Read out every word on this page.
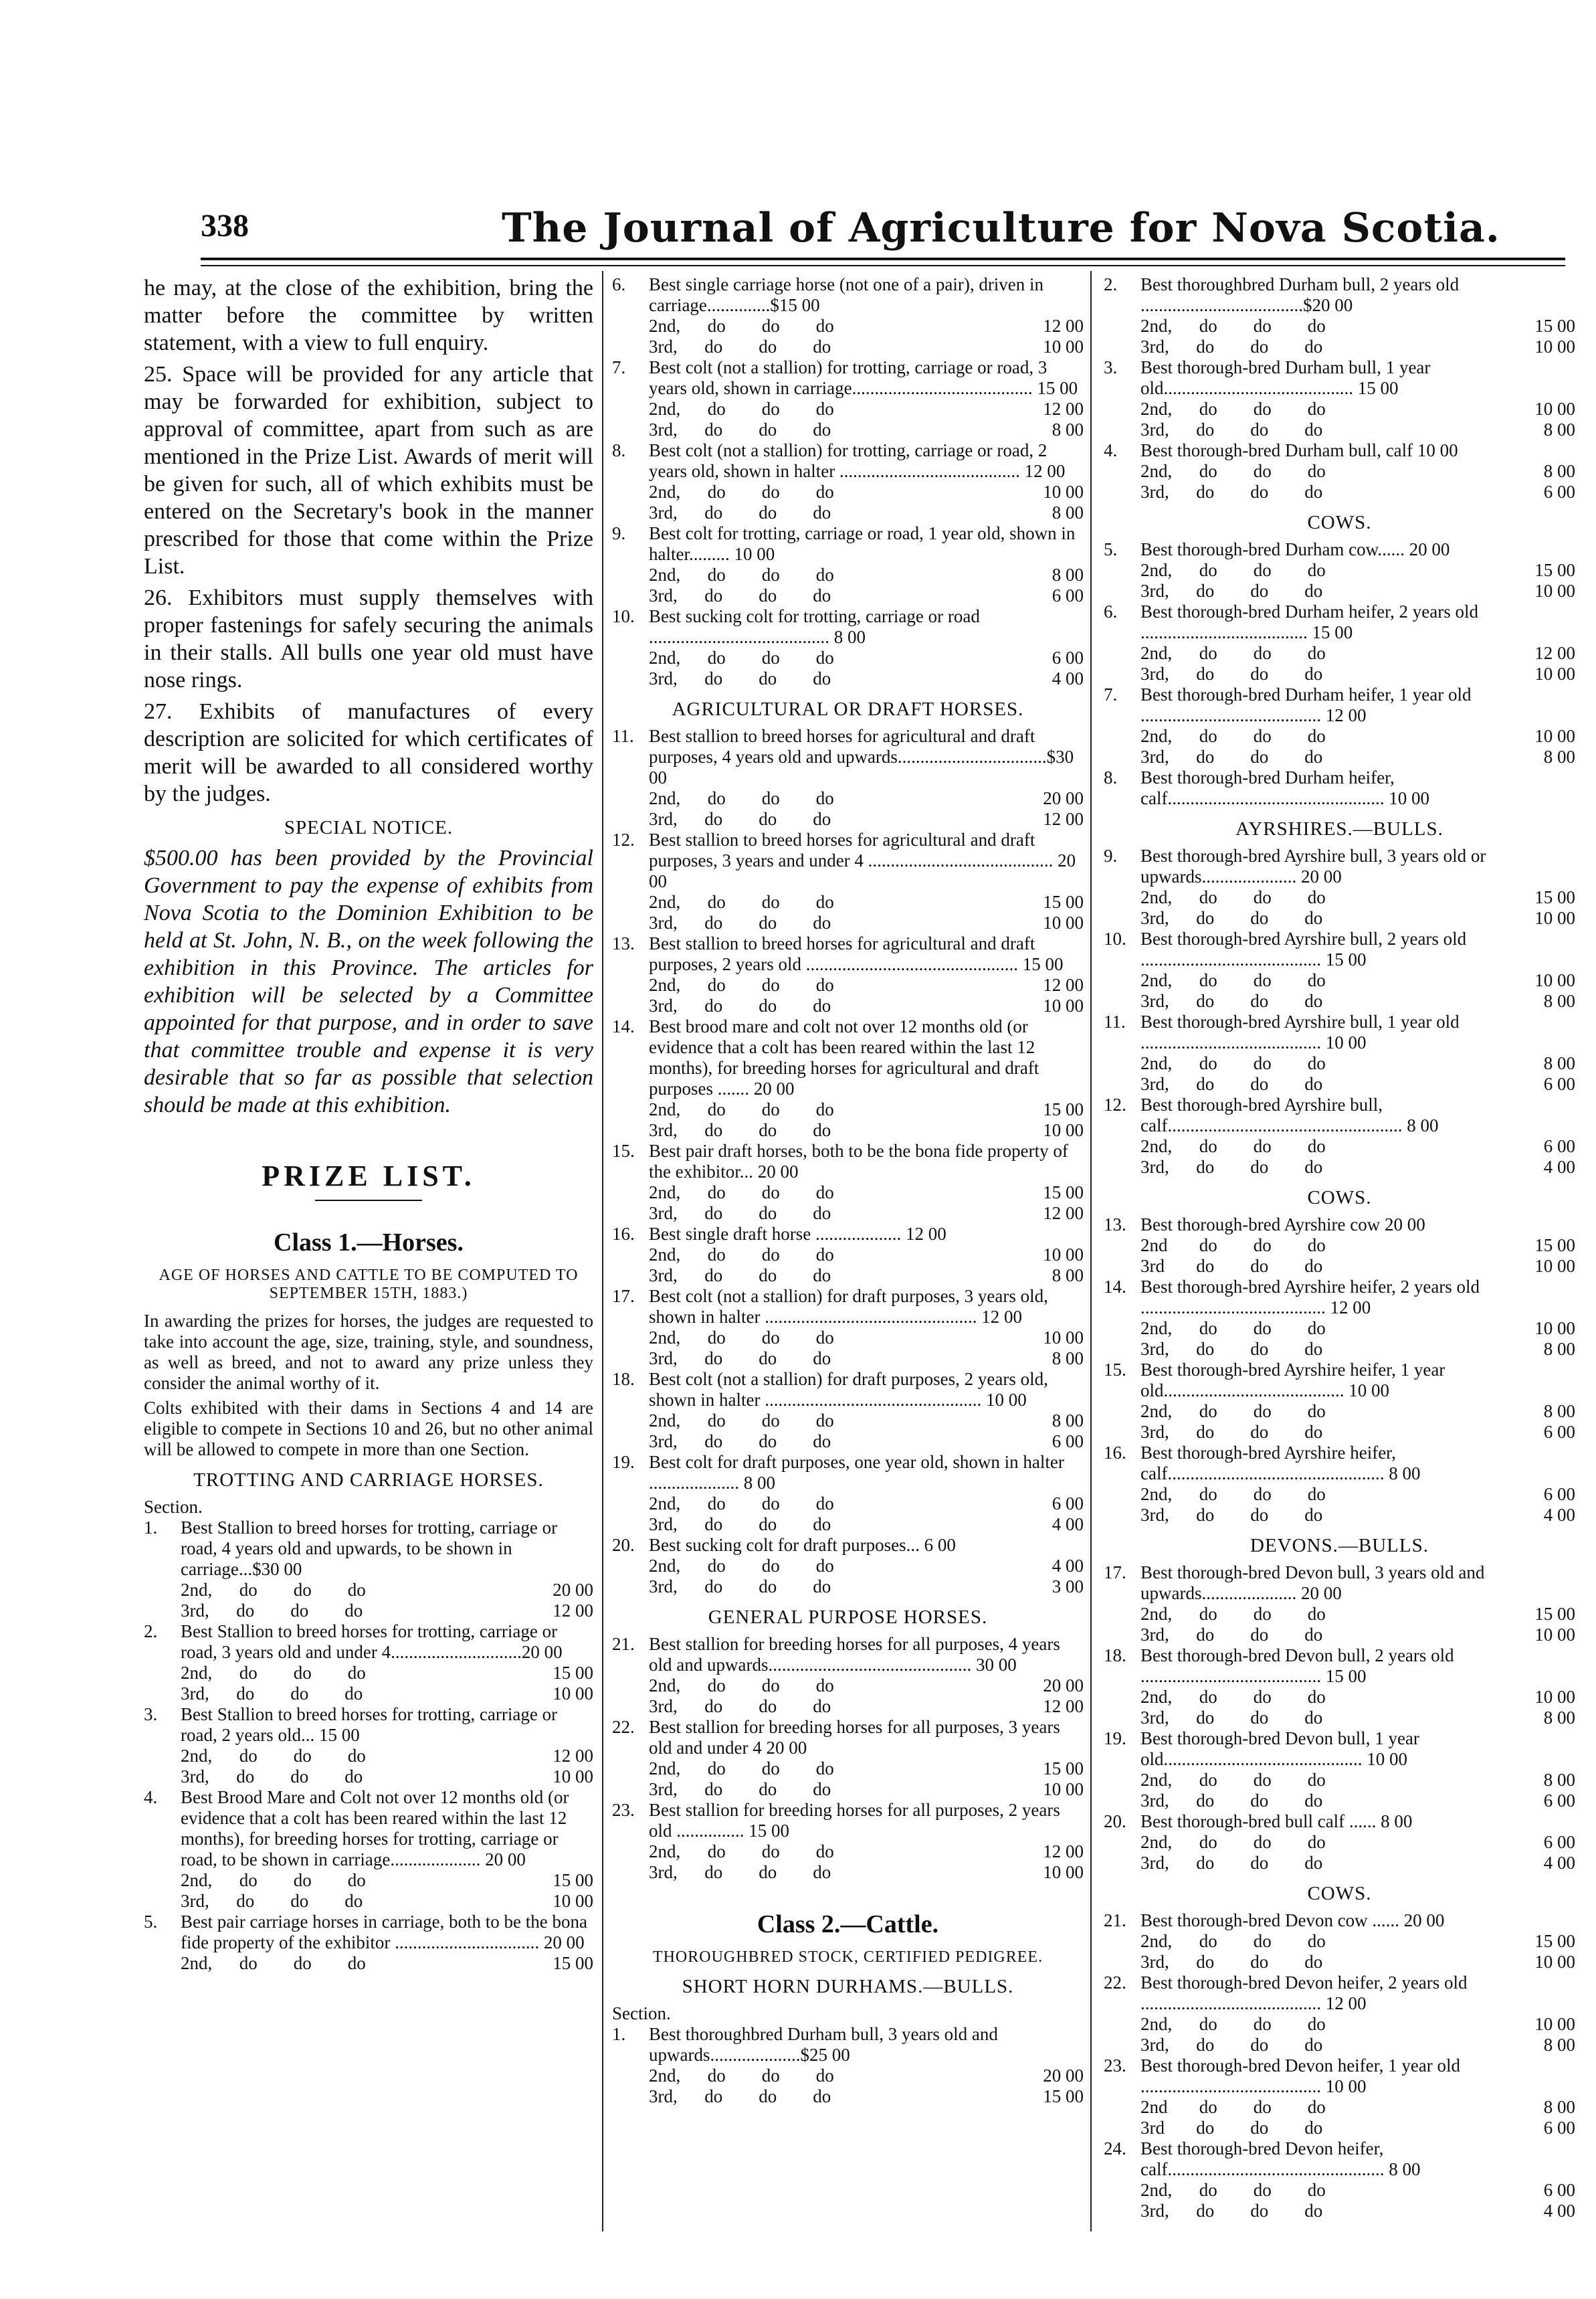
338	The Journal of Agriculture for Nova Scotia.

he may, at the close of the exhibition, bring the matter before the committee by written statement, with a view to full enquiry.

25. Space will be provided for any article that may be forwarded for exhibition, subject to approval of committee, apart from such as are mentioned in the Prize List. Awards of merit will be given for such, all of which exhibits must be entered on the Secretary's book in the manner prescribed for those that come within the Prize List.

26. Exhibitors must supply themselves with proper fastenings for safely securing the animals in their stalls. All bulls one year old must have nose rings.

27. Exhibits of manufactures of every description are solicited for which certificates of merit will be awarded to all considered worthy by the judges.

SPECIAL NOTICE.

$500.00 has been provided by the Provincial Government to pay the expense of exhibits from Nova Scotia to the Dominion Exhibition to be held at St. John, N. B., on the week following the exhibition in this Province. The articles for exhibition will be selected by a Committee appointed for that purpose, and in order to save that committee trouble and expense it is very desirable that so far as possible that selection should be made at this exhibition.

PRIZE LIST.
Class 1.—Horses.
AGE OF HORSES AND CATTLE TO BE COMPUTED TO SEPTEMBER 15TH, 1883.)

In awarding the prizes for horses, the judges are requested to take into account the age, size, training, style, and soundness, as well as breed, and not to award any prize unless they consider the animal worthy of it.

Colts exhibited with their dams in Sections 4 and 14 are eligible to compete in Sections 10 and 26, but no other animal will be allowed to compete in more than one Section.

TROTTING AND CARRIAGE HORSES.
Section.
1. Best Stallion to breed horses for trotting, carriage or road, 4 years old and upwards, to be shown in carriage...$30 00
2nd,      do        do        do	20 00
3rd,      do        do        do	12 00
2. Best Stallion to breed horses for trotting, carriage or road, 3 years old and under 4.............................20 00
2nd,      do        do        do	15 00
3rd,      do        do        do	10 00
3. Best Stallion to breed horses for trotting, carriage or road, 2 years old... 15 00
2nd,      do        do        do	12 00
3rd,      do        do        do	10 00
4. Best Brood Mare and Colt not over 12 months old (or evidence that a colt has been reared within the last 12 months), for breeding horses for trotting, carriage or road, to be shown in carriage.................... 20 00
2nd,      do        do        do	15 00
3rd,      do        do        do	10 00
5. Best pair carriage horses in carriage, both to be the bona fide property of the exhibitor ................................ 20 00
2nd,      do        do        do	15 00
6. Best single carriage horse (not one of a pair), driven in carriage..............$15 00
2nd,      do        do        do	12 00
3rd,      do        do        do	10 00
7. Best colt (not a stallion) for trotting, carriage or road, 3 years old, shown in carriage........................................ 15 00
2nd,      do        do        do	12 00
3rd,      do        do        do	8 00
8. Best colt (not a stallion) for trotting, carriage or road, 2 years old, shown in halter ........................................ 12 00
2nd,      do        do        do	10 00
3rd,      do        do        do	8 00
9. Best colt for trotting, carriage or road, 1 year old, shown in halter......... 10 00
2nd,      do        do        do	8 00
3rd,      do        do        do	6 00
10. Best sucking colt for trotting, carriage or road ........................................ 8 00
2nd,      do        do        do	6 00
3rd,      do        do        do	4 00
AGRICULTURAL OR DRAFT HORSES.
11. Best stallion to breed horses for agricultural and draft purposes, 4 years old and upwards.................................$30 00
2nd,      do        do        do	20 00
3rd,      do        do        do	12 00
12. Best stallion to breed horses for agricultural and draft purposes, 3 years and under 4 ......................................... 20 00
2nd,      do        do        do	15 00
3rd,      do        do        do	10 00
13. Best stallion to breed horses for agricultural and draft purposes, 2 years old ............................................... 15 00
2nd,      do        do        do	12 00
3rd,      do        do        do	10 00
14. Best brood mare and colt not over 12 months old (or evidence that a colt has been reared within the last 12 months), for breeding horses for agricultural and draft purposes ....... 20 00
2nd,      do        do        do	15 00
3rd,      do        do        do	10 00
15. Best pair draft horses, both to be the bona fide property of the exhibitor... 20 00
2nd,      do        do        do	15 00
3rd,      do        do        do	12 00
16. Best single draft horse ................... 12 00
2nd,      do        do        do	10 00
3rd,      do        do        do	8 00
17. Best colt (not a stallion) for draft purposes, 3 years old, shown in halter ............................................... 12 00
2nd,      do        do        do	10 00
3rd,      do        do        do	8 00
18. Best colt (not a stallion) for draft purposes, 2 years old, shown in halter ................................................ 10 00
2nd,      do        do        do	8 00
3rd,      do        do        do	6 00
19. Best colt for draft purposes, one year old, shown in halter .................... 8 00
2nd,      do        do        do	6 00
3rd,      do        do        do	4 00
20. Best sucking colt for draft purposes... 6 00
2nd,      do        do        do	4 00
3rd,      do        do        do	3 00
GENERAL PURPOSE HORSES.
21. Best stallion for breeding horses for all purposes, 4 years old and upwards............................................. 30 00
2nd,      do        do        do	20 00
3rd,      do        do        do	12 00
22. Best stallion for breeding horses for all purposes, 3 years old and under 4 20 00
2nd,      do        do        do	15 00
3rd,      do        do        do	10 00
23. Best stallion for breeding horses for all purposes, 2 years old ............... 15 00
2nd,      do        do        do	12 00
3rd,      do        do        do	10 00
Class 2.—Cattle.
THOROUGHBRED STOCK, CERTIFIED PEDIGREE.
SHORT HORN DURHAMS.—BULLS.
Section.
1. Best thoroughbred Durham bull, 3 years old and upwards....................$25 00
2nd,      do        do        do	20 00
3rd,      do        do        do	15 00
2. Best thoroughbred Durham bull, 2 years old ....................................$20 00
2nd,      do        do        do	15 00
3rd,      do        do        do	10 00
3. Best thorough-bred Durham bull, 1 year old.......................................... 15 00
2nd,      do        do        do	10 00
3rd,      do        do        do	8 00
4. Best thorough-bred Durham bull, calf 10 00
2nd,      do        do        do	8 00
3rd,      do        do        do	6 00
COWS.
5. Best thorough-bred Durham cow...... 20 00
2nd,      do        do        do	15 00
3rd,      do        do        do	10 00
6. Best thorough-bred Durham heifer, 2 years old ..................................... 15 00
2nd,      do        do        do	12 00
3rd,      do        do        do	10 00
7. Best thorough-bred Durham heifer, 1 year old ........................................ 12 00
2nd,      do        do        do	10 00
3rd,      do        do        do	8 00
8. Best thorough-bred Durham heifer, calf................................................ 10 00
AYRSHIRES.—BULLS.
9. Best thorough-bred Ayrshire bull, 3 years old or upwards..................... 20 00
2nd,      do        do        do	15 00
3rd,      do        do        do	10 00
10. Best thorough-bred Ayrshire bull, 2 years old ........................................ 15 00
2nd,      do        do        do	10 00
3rd,      do        do        do	8 00
11. Best thorough-bred Ayrshire bull, 1 year old ........................................ 10 00
2nd,      do        do        do	8 00
3rd,      do        do        do	6 00
12. Best thorough-bred Ayrshire bull, calf.................................................... 8 00
2nd,      do        do        do	6 00
3rd,      do        do        do	4 00
COWS.
13. Best thorough-bred Ayrshire cow 20 00
2nd       do        do        do	15 00
3rd       do        do        do	10 00
14. Best thorough-bred Ayrshire heifer, 2 years old ......................................... 12 00
2nd,      do        do        do	10 00
3rd,      do        do        do	8 00
15. Best thorough-bred Ayrshire heifer, 1 year old........................................ 10 00
2nd,      do        do        do	8 00
3rd,      do        do        do	6 00
16. Best thorough-bred Ayrshire heifer, calf................................................ 8 00
2nd,      do        do        do	6 00
3rd,      do        do        do	4 00
DEVONS.—BULLS.
17. Best thorough-bred Devon bull, 3 years old and upwards..................... 20 00
2nd,      do        do        do	15 00
3rd,      do        do        do	10 00
18. Best thorough-bred Devon bull, 2 years old ........................................ 15 00
2nd,      do        do        do	10 00
3rd,      do        do        do	8 00
19. Best thorough-bred Devon bull, 1 year old............................................ 10 00
2nd,      do        do        do	8 00
3rd,      do        do        do	6 00
20. Best thorough-bred bull calf ...... 8 00
2nd,      do        do        do	6 00
3rd,      do        do        do	4 00
COWS.
21. Best thorough-bred Devon cow ...... 20 00
2nd,      do        do        do	15 00
3rd,      do        do        do	10 00
22. Best thorough-bred Devon heifer, 2 years old ........................................ 12 00
2nd,      do        do        do	10 00
3rd,      do        do        do	8 00
23. Best thorough-bred Devon heifer, 1 year old ........................................ 10 00
2nd       do        do        do	8 00
3rd       do        do        do	6 00
24. Best thorough-bred Devon heifer, calf................................................ 8 00
2nd,      do        do        do	6 00
3rd,      do        do        do	4 00
